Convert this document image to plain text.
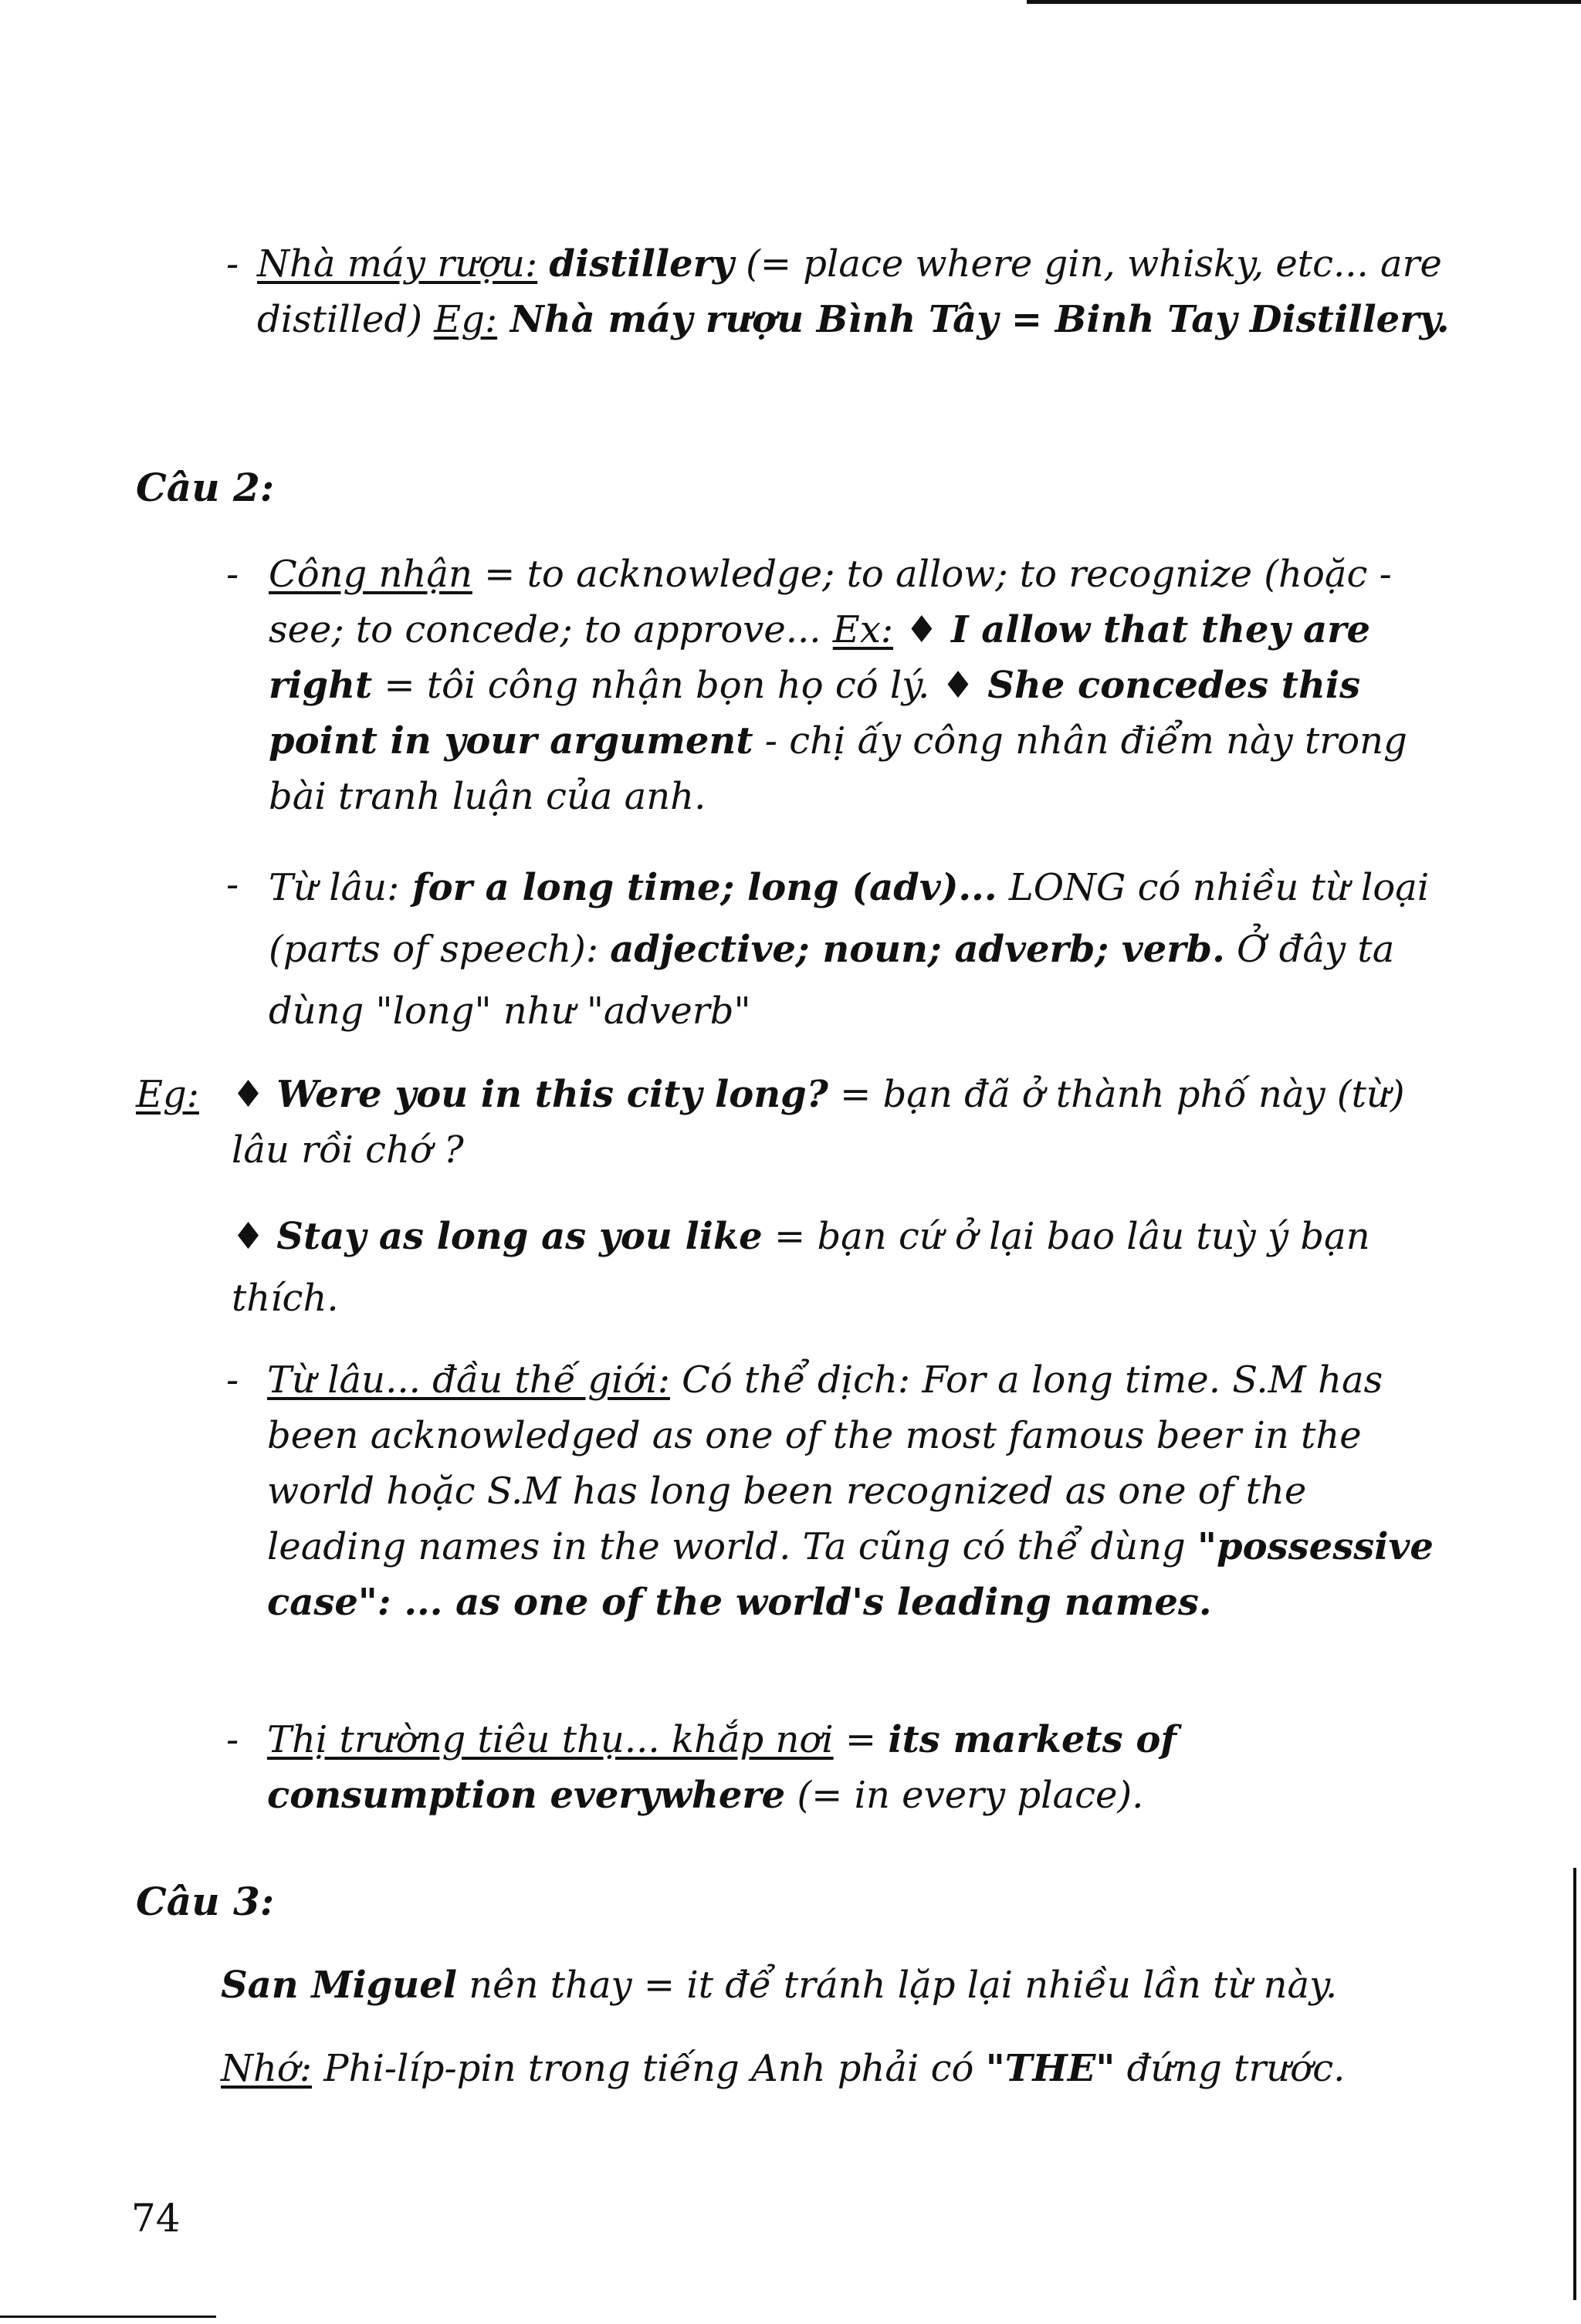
- Nhà máy rượu: distillery (= place where gin, whisky, etc... are distilled) Eg: Nhà máy rượu Bình Tây = Binh Tay Distillery.
Câu 2:
- Công nhận = to acknowledge; to allow; to recognize (hoặc - see; to concede; to approve... Ex: ♦ I allow that they are right = tôi công nhận bọn họ có lý. ♦ She concedes this point in your argument - chị ấy công nhân điểm này trong bài tranh luận của anh.
- Từ lâu: for a long time; long (adv)... LONG có nhiều từ loại (parts of speech): adjective; noun; adverb; verb. Ở đây ta dùng "long" như "adverb"
Eg: ♦ Were you in this city long? = bạn đã ở thành phố này (từ) lâu rồi chớ ?
♦ Stay as long as you like = bạn cứ ở lại bao lâu tuỳ ý bạn thích.
- Từ lâu... đầu thế giới: Có thể dịch: For a long time. S.M has been acknowledged as one of the most famous beer in the world hoặc S.M has long been recognized as one of the leading names in the world. Ta cũng có thể dùng "possessive case": ... as one of the world's leading names.
- Thị trường tiêu thụ... khắp nơi = its markets of consumption everywhere (= in every place).
Câu 3:
San Miguel nên thay = it để tránh lặp lại nhiều lần từ này.
Nhớ: Phi-líp-pin trong tiếng Anh phải có "THE" đứng trước.
74
